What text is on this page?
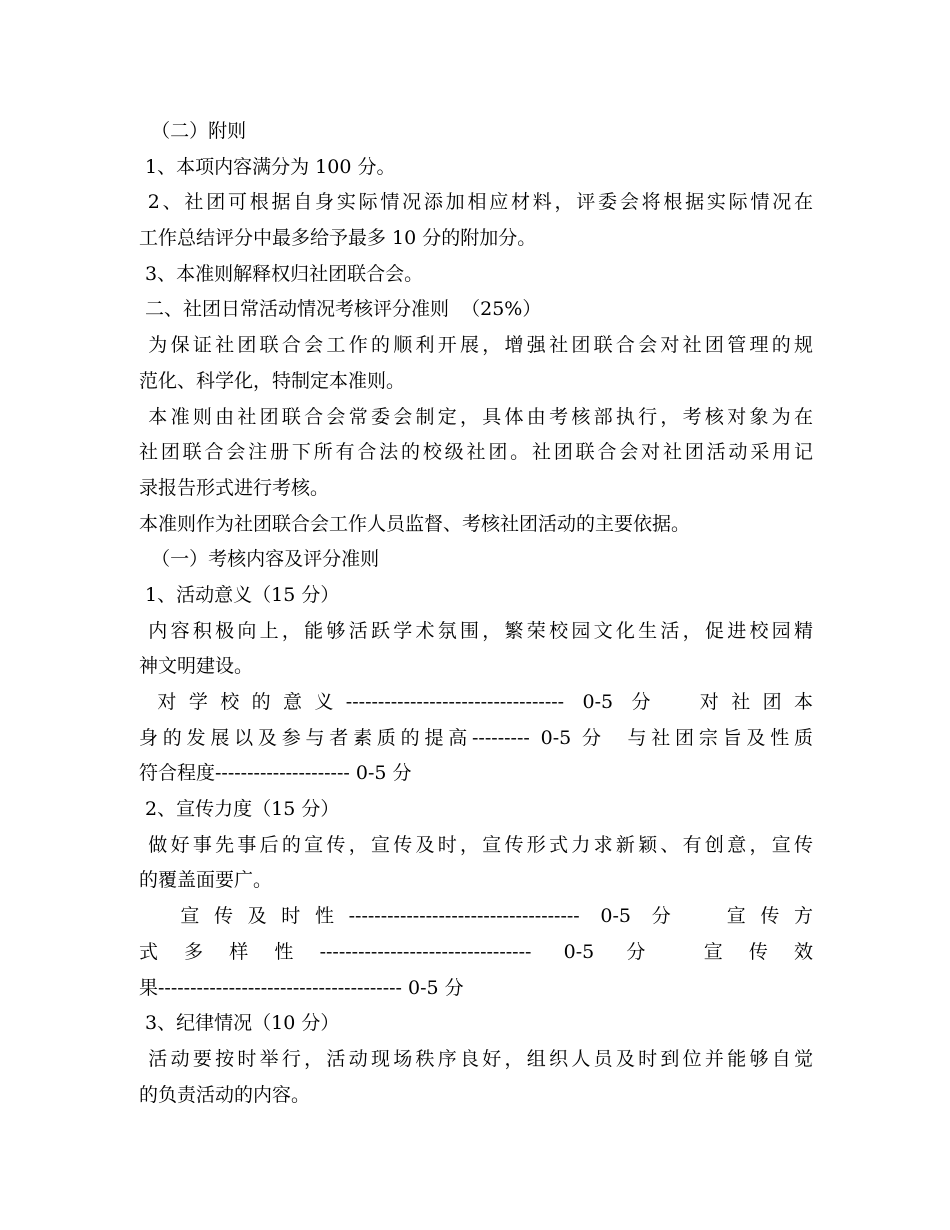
（二）附则
1、本项内容满分为 100 分。
2、社团可根据自身实际情况添加相应材料，评委会将根据实际情况在
工作总结评分中最多给予最多 10 分的附加分。
3、本准则解释权归社团联合会。
二、社团日常活动情况考核评分准则  （25%）
为保证社团联合会工作的顺利开展，增强社团联合会对社团管理的规
范化、科学化，特制定本准则。
本准则由社团联合会常委会制定，具体由考核部执行，考核对象为在
社团联合会注册下所有合法的校级社团。社团联合会对社团活动采用记
录报告形式进行考核。
本准则作为社团联合会工作人员监督、考核社团活动的主要依据。
（一）考核内容及评分准则
1、活动意义（15 分）
内容积极向上，能够活跃学术氛围，繁荣校园文化生活，促进校园精
神文明建设。
对学校的意义---------------------------------- 0-5 分  对社团本
身的发展以及参与者素质的提高--------- 0-5 分  与社团宗旨及性质
符合程度--------------------- 0-5 分
2、宣传力度（15 分）
做好事先事后的宣传，宣传及时，宣传形式力求新颖、有创意，宣传
的覆盖面要广。
宣传及时性------------------------------------ 0-5 分  宣传方
式 多 样 性 ---------------------------------  0-5  分   宣 传 效
果-------------------------------------- 0-5 分
3、纪律情况（10 分）
活动要按时举行，活动现场秩序良好，组织人员及时到位并能够自觉
的负责活动的内容。
